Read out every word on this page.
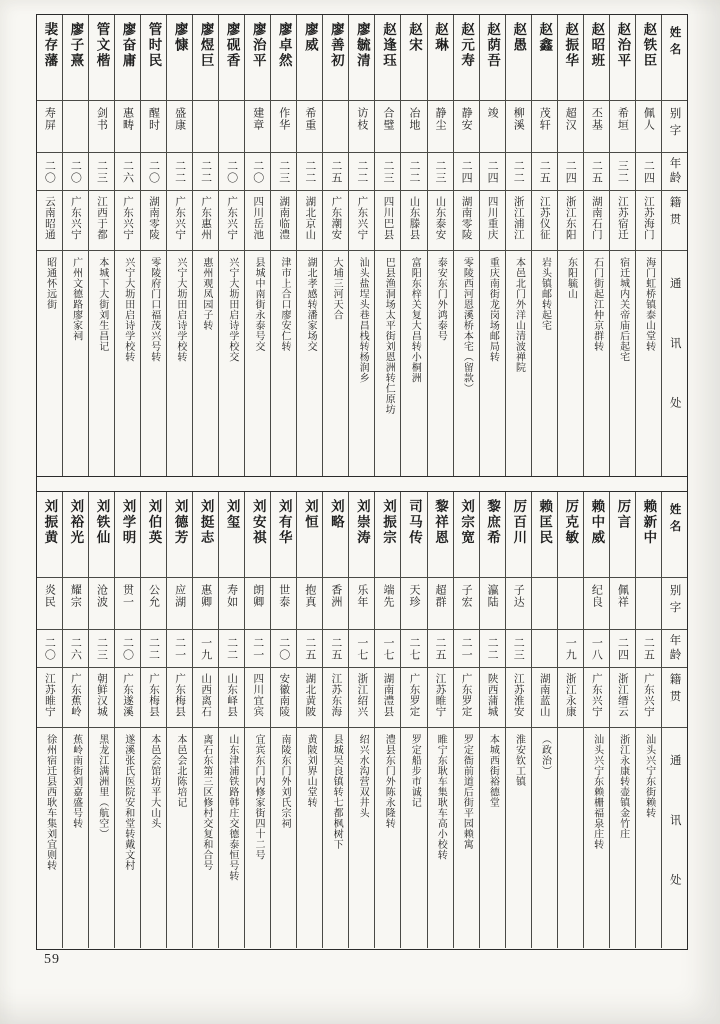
姓名
别字
年龄
籍贯
通讯处
赵铁臣
佩人
二四
江苏海门
海门虹桥镇泰山堂转
赵治平
希垣
三二
江苏宿迁
宿迁城内关帝庙后起宅
赵昭班
丕基
二五
湖南石门
石门街起江仲京群转
赵振华
超汉
二四
浙江东阳
东阳毓山
赵鑫
茂轩
二五
江苏仪征
岩头镇邮转起宅
赵愚
柳溪
二二
浙江浦江
本邑北门外洋山清波禅院
赵荫吾
竣
二四
四川重庆
重庆南街龙岗场邮局转
赵元寿
静安
二四
湖南零陵
零陵西河恩溪桥本宅（留款）
赵琳
静尘
二三
山东泰安
泰安东门外鸿泰号
赵宋
冶地
二二
山东滕县
富阳东梓关复大昌转小桐洲
赵逢珏
合璧
二三
四川巴县
巴县渔洞场太平街刘恩洲转仁原坊
廖毓清
访枝
二二
广东兴宁
汕头盐埕头巷昌栈转杨润乡
廖善初
二五
广东潮安
大埔三河天合
廖威
希重
二二
湖北京山
湖北孝感转潘家场交
廖卓然
作华
二三
湖南临澧
津市上合口廖安仁转
廖治平
建章
二〇
四川岳池
县城中南街永泰号交
廖砚香
二〇
广东兴宁
兴宁大坜田启诗学校交
廖煜巨
二二
广东惠州
惠州观凤园子转
廖慷
盛康
二二
广东兴宁
兴宁大坜田启诗学校转
管时民
醒时
二〇
湖南零陵
零陵府门口福茂兴号转
廖奋庸
惠畴
二六
广东兴宁
兴宁大坜田启诗学校转
管文楷
剑书
二三
江西于都
本城下大街刘生昌记
廖子熹
二〇
广东兴宁
广州文德路廖家祠
裴存藩
寿屏
二〇
云南昭通
昭通怀远街
姓名
别字
年龄
籍贯
通讯处
赖新中
二五
广东兴宁
汕头兴宁东街赖转
厉言
佩祥
二四
浙江缙云
浙江永康转壶镇金竹庄
赖中威
纪良
一八
广东兴宁
汕头兴宁东赖栅福泉庄转
厉克敏
一九
浙江永康
赖匡民
湖南蓝山
（政治）
厉百川
子达
二三
江苏淮安
淮安钦工镇
黎庶希
瀛陆
二二
陕西蒲城
本城西街裕德堂
刘宗宽
子宏
二一
广东罗定
罗定衙前道后街平园赖寓
黎祥恩
超群
二五
江苏睢宁
睢宁东耿车集耿车高小校转
司马传
天珍
二七
广东罗定
罗定船步市诚记
刘振宗
端先
一七
湖南澧县
澧县东门外陈永隆转
刘崇涛
乐年
一七
浙江绍兴
绍兴水沟营双井头
刘略
香洲
二五
江苏东海
县城吴良镇转七都枫树下
刘恒
抱真
二五
湖北黄陂
黄陂刘界山堂转
刘有华
世泰
二〇
安徽南陵
南陵东门外刘氏宗祠
刘安祺
朗卿
二一
四川宜宾
宜宾东门内修家街四十二号
刘玺
寿如
二二
山东峄县
山东津浦铁路韩庄交德泰恒号转
刘挺志
惠卿
一九
山西离石
离石东第三区修村交复和合号
刘德芳
应湖
二一
广东梅县
本邑会北陈培记
刘伯英
公允
二二
广东梅县
本邑会馆坊平大山头
刘学明
贯一
二〇
广东遂溪
遂溪张氏医院安和堂转戴文村
刘铁仙
沧波
二三
朝鲜汉城
黑龙江满洲里（航空）
刘裕光
耀宗
二六
广东蕉岭
蕉岭南街刘嘉盛号转
刘振黄
炎民
二〇
江苏睢宁
徐州宿迁县西耿车集刘宜则转
59
